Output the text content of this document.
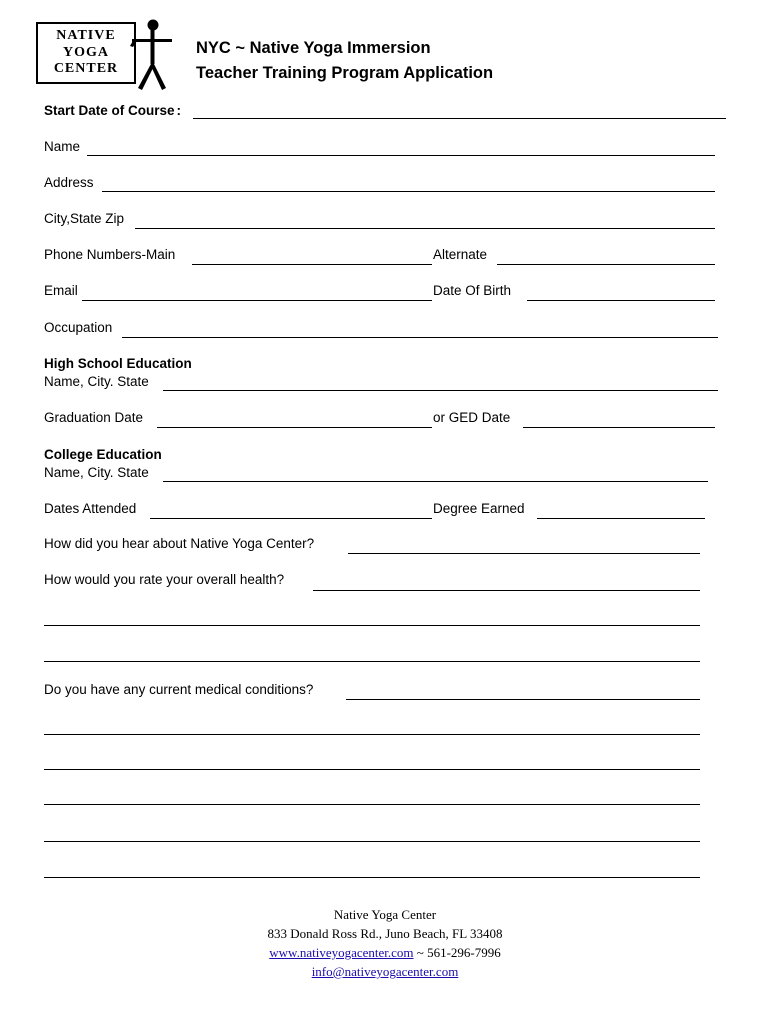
NATIVE
YOGA
CENTER
NYC ~ Native Yoga Immersion
Teacher Training Program Application
Start Date of Course :
Name
Address
City,State Zip
Phone Numbers-Main	Alternate
Email	Date Of Birth
Occupation
High School Education
Name, City. State
Graduation Date	or GED Date
College Education
Name, City. State
Dates Attended	Degree Earned
How did you hear about Native Yoga Center?
How would you rate your overall health?
Do you have any current medical conditions?
Native Yoga Center
833 Donald Ross Rd., Juno Beach, FL 33408
www.nativeyogacenter.com ~ 561-296-7996
info@nativeyogacenter.com
